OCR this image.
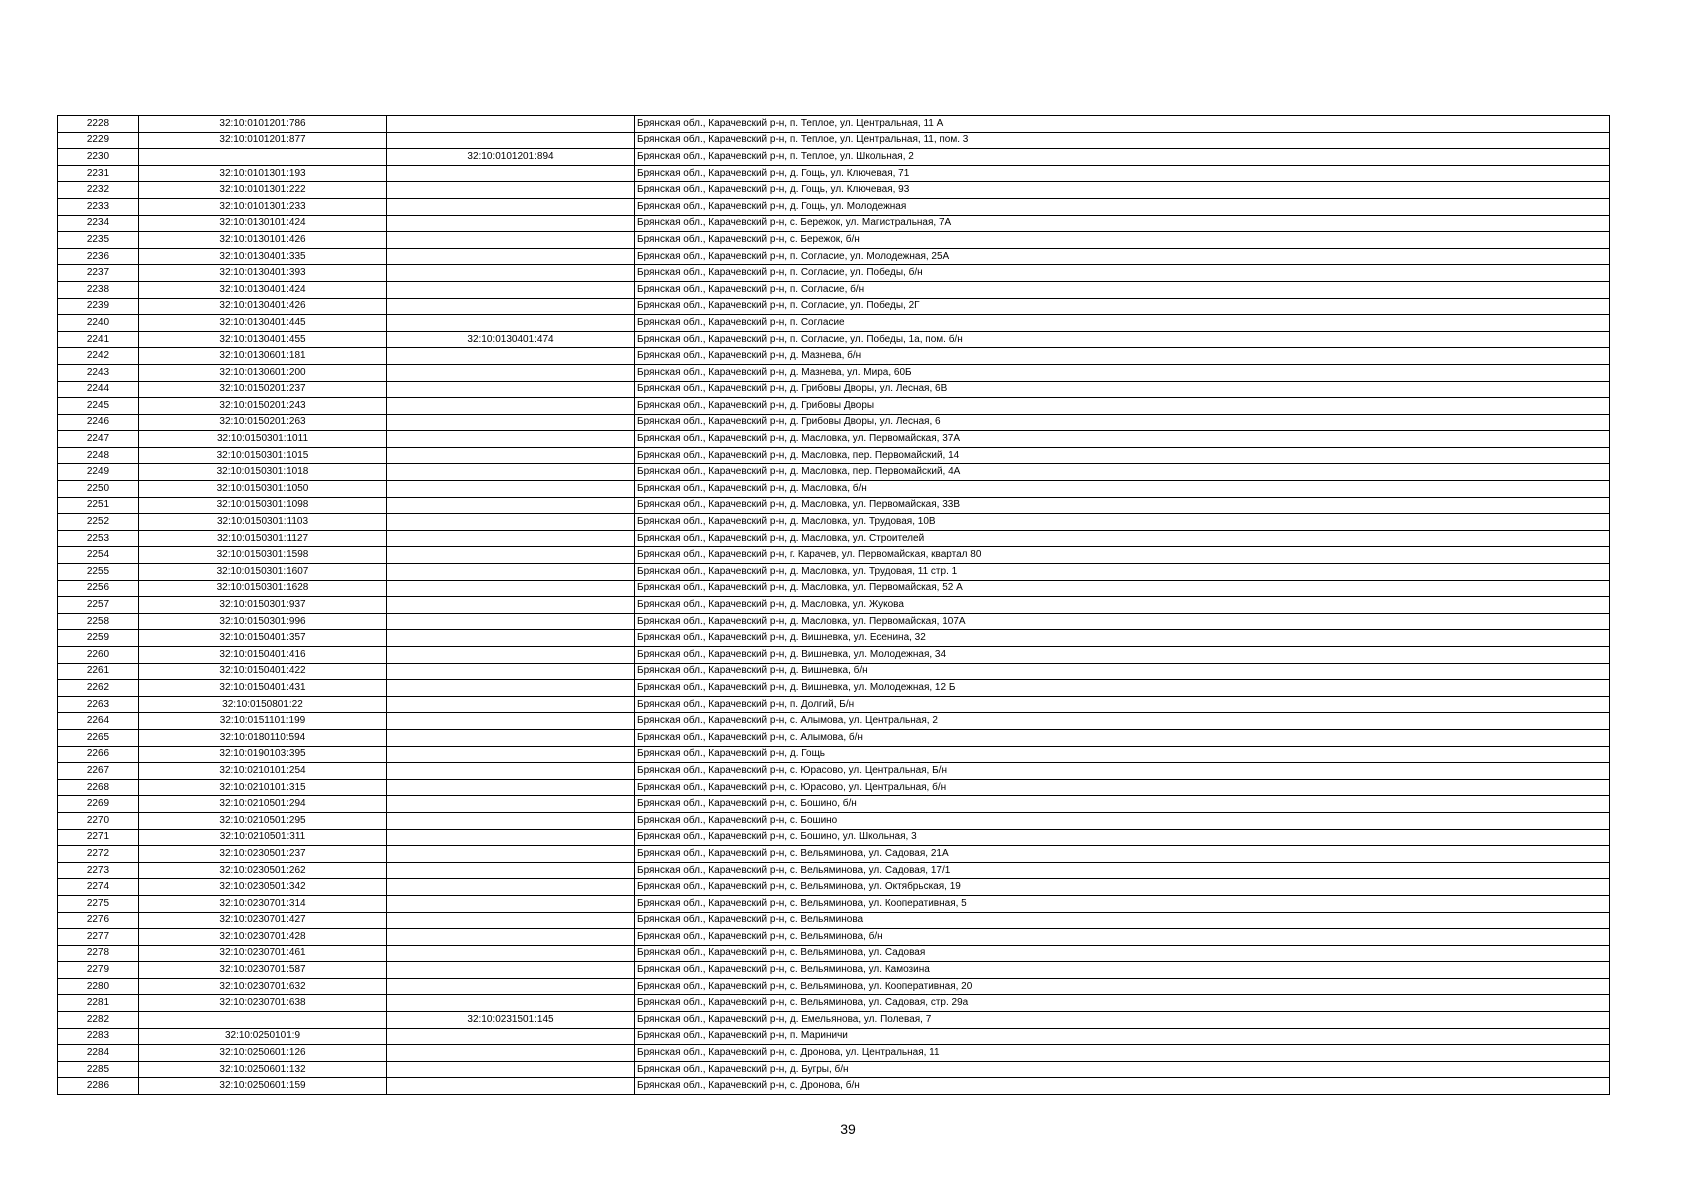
2228	32:10:0101201:786		Брянская обл., Карачевский р-н, п. Теплое, ул. Центральная, 11 А
2229	32:10:0101201:877		Брянская обл., Карачевский р-н, п. Теплое, ул. Центральная, 11, пом. 3
2230		32:10:0101201:894	Брянская обл., Карачевский р-н, п. Теплое, ул. Школьная, 2
2231	32:10:0101301:193		Брянская обл., Карачевский р-н, д. Гощь, ул. Ключевая, 71
2232	32:10:0101301:222		Брянская обл., Карачевский р-н, д. Гощь, ул. Ключевая, 93
2233	32:10:0101301:233		Брянская обл., Карачевский р-н, д. Гощь, ул. Молодежная
2234	32:10:0130101:424		Брянская обл., Карачевский р-н, с. Бережок, ул. Магистральная, 7А
2235	32:10:0130101:426		Брянская обл., Карачевский р-н, с. Бережок, б/н
2236	32:10:0130401:335		Брянская обл., Карачевский р-н, п. Согласие, ул. Молодежная, 25А
2237	32:10:0130401:393		Брянская обл., Карачевский р-н, п. Согласие, ул. Победы, б/н
2238	32:10:0130401:424		Брянская обл., Карачевский р-н, п. Согласие, б/н
2239	32:10:0130401:426		Брянская обл., Карачевский р-н, п. Согласие, ул. Победы, 2Г
2240	32:10:0130401:445		Брянская обл., Карачевский р-н, п. Согласие
2241	32:10:0130401:455	32:10:0130401:474	Брянская обл., Карачевский р-н, п. Согласие, ул. Победы, 1а, пом. б/н
2242	32:10:0130601:181		Брянская обл., Карачевский р-н, д. Мазнева, б/н
2243	32:10:0130601:200		Брянская обл., Карачевский р-н, д. Мазнева, ул. Мира, 60Б
2244	32:10:0150201:237		Брянская обл., Карачевский р-н, д. Грибовы Дворы, ул. Лесная, 6В
2245	32:10:0150201:243		Брянская обл., Карачевский р-н, д. Грибовы Дворы
2246	32:10:0150201:263		Брянская обл., Карачевский р-н, д. Грибовы Дворы, ул. Лесная, 6
2247	32:10:0150301:1011		Брянская обл., Карачевский р-н, д. Масловка, ул. Первомайская, 37А
2248	32:10:0150301:1015		Брянская обл., Карачевский р-н, д. Масловка, пер. Первомайский, 14
2249	32:10:0150301:1018		Брянская обл., Карачевский р-н, д. Масловка, пер. Первомайский, 4А
2250	32:10:0150301:1050		Брянская обл., Карачевский р-н, д. Масловка, б/н
2251	32:10:0150301:1098		Брянская обл., Карачевский р-н, д. Масловка, ул. Первомайская, 33В
2252	32:10:0150301:1103		Брянская обл., Карачевский р-н, д. Масловка, ул. Трудовая, 10В
2253	32:10:0150301:1127		Брянская обл., Карачевский р-н, д. Масловка, ул. Строителей
2254	32:10:0150301:1598		Брянская обл., Карачевский р-н, г. Карачев, ул. Первомайская, квартал 80
2255	32:10:0150301:1607		Брянская обл., Карачевский р-н, д. Масловка, ул. Трудовая, 11 стр. 1
2256	32:10:0150301:1628		Брянская обл., Карачевский р-н, д. Масловка, ул. Первомайская, 52 А
2257	32:10:0150301:937		Брянская обл., Карачевский р-н, д. Масловка, ул. Жукова
2258	32:10:0150301:996		Брянская обл., Карачевский р-н, д. Масловка, ул. Первомайская, 107А
2259	32:10:0150401:357		Брянская обл., Карачевский р-н, д. Вишневка, ул. Есенина, 32
2260	32:10:0150401:416		Брянская обл., Карачевский р-н, д. Вишневка, ул. Молодежная, 34
2261	32:10:0150401:422		Брянская обл., Карачевский р-н, д. Вишневка, б/н
2262	32:10:0150401:431		Брянская обл., Карачевский р-н, д. Вишневка, ул. Молодежная, 12 Б
2263	32:10:0150801:22		Брянская обл., Карачевский р-н, п. Долгий, Б/н
2264	32:10:0151101:199		Брянская обл., Карачевский р-н, с. Алымова, ул. Центральная, 2
2265	32:10:0180110:594		Брянская обл., Карачевский р-н, с. Алымова, б/н
2266	32:10:0190103:395		Брянская обл., Карачевский р-н, д. Гощь
2267	32:10:0210101:254		Брянская обл., Карачевский р-н, с. Юрасово, ул. Центральная, Б/н
2268	32:10:0210101:315		Брянская обл., Карачевский р-н, с. Юрасово, ул. Центральная, б/н
2269	32:10:0210501:294		Брянская обл., Карачевский р-н, с. Бошино, б/н
2270	32:10:0210501:295		Брянская обл., Карачевский р-н, с. Бошино
2271	32:10:0210501:311		Брянская обл., Карачевский р-н, с. Бошино, ул. Школьная, 3
2272	32:10:0230501:237		Брянская обл., Карачевский р-н, с. Вельяминова, ул. Садовая, 21А
2273	32:10:0230501:262		Брянская обл., Карачевский р-н, с. Вельяминова, ул. Садовая, 17/1
2274	32:10:0230501:342		Брянская обл., Карачевский р-н, с. Вельяминова, ул. Октябрьская, 19
2275	32:10:0230701:314		Брянская обл., Карачевский р-н, с. Вельяминова, ул. Кооперативная, 5
2276	32:10:0230701:427		Брянская обл., Карачевский р-н, с. Вельяминова
2277	32:10:0230701:428		Брянская обл., Карачевский р-н, с. Вельяминова, б/н
2278	32:10:0230701:461		Брянская обл., Карачевский р-н, с. Вельяминова, ул. Садовая
2279	32:10:0230701:587		Брянская обл., Карачевский р-н, с. Вельяминова, ул. Камозина
2280	32:10:0230701:632		Брянская обл., Карачевский р-н, с. Вельяминова, ул. Кооперативная, 20
2281	32:10:0230701:638		Брянская обл., Карачевский р-н, с. Вельяминова, ул. Садовая, стр. 29а
2282		32:10:0231501:145	Брянская обл., Карачевский р-н, д. Емельянова, ул. Полевая, 7
2283	32:10:0250101:9		Брянская обл., Карачевский р-н, п. Мариничи
2284	32:10:0250601:126		Брянская обл., Карачевский р-н, с. Дронова, ул. Центральная, 11
2285	32:10:0250601:132		Брянская обл., Карачевский р-н, д. Бугры, б/н
2286	32:10:0250601:159		Брянская обл., Карачевский р-н, с. Дронова, б/н
39
